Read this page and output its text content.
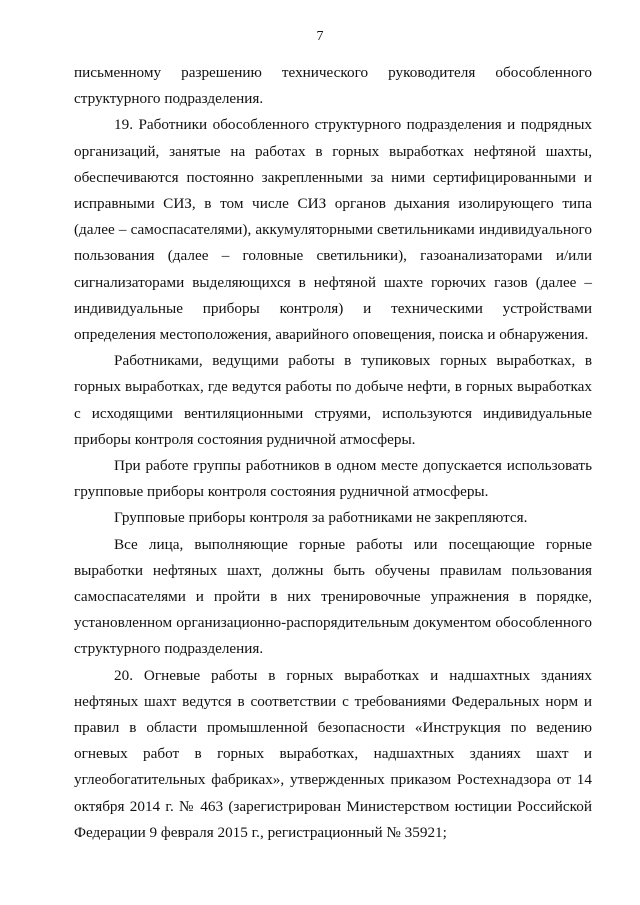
7

письменному разрешению технического руководителя обособленного структурного подразделения.

19. Работники обособленного структурного подразделения и подрядных организаций, занятые на работах в горных выработках нефтяной шахты, обеспечиваются постоянно закрепленными за ними сертифицированными и исправными СИЗ, в том числе СИЗ органов дыхания изолирующего типа (далее – самоспасателями), аккумуляторными светильниками индивидуального пользования (далее – головные светильники), газоанализаторами и/или сигнализаторами выделяющихся в нефтяной шахте горючих газов (далее – индивидуальные приборы контроля) и техническими устройствами определения местоположения, аварийного оповещения, поиска и обнаружения.

Работниками, ведущими работы в тупиковых горных выработках, в горных выработках, где ведутся работы по добыче нефти, в горных выработках с исходящими вентиляционными струями, используются индивидуальные приборы контроля состояния рудничной атмосферы.

При работе группы работников в одном месте допускается использовать групповые приборы контроля состояния рудничной атмосферы.

Групповые приборы контроля за работниками не закрепляются.

Все лица, выполняющие горные работы или посещающие горные выработки нефтяных шахт, должны быть обучены правилам пользования самоспасателями и пройти в них тренировочные упражнения в порядке, установленном организационно-распорядительным документом обособленного структурного подразделения.

20. Огневые работы в горных выработках и надшахтных зданиях нефтяных шахт ведутся в соответствии с требованиями Федеральных норм и правил в области промышленной безопасности «Инструкция по ведению огневых работ в горных выработках, надшахтных зданиях шахт и углеобогатительных фабриках», утвержденных приказом Ростехнадзора от 14 октября 2014 г. № 463 (зарегистрирован Министерством юстиции Российской Федерации 9 февраля 2015 г., регистрационный № 35921;
